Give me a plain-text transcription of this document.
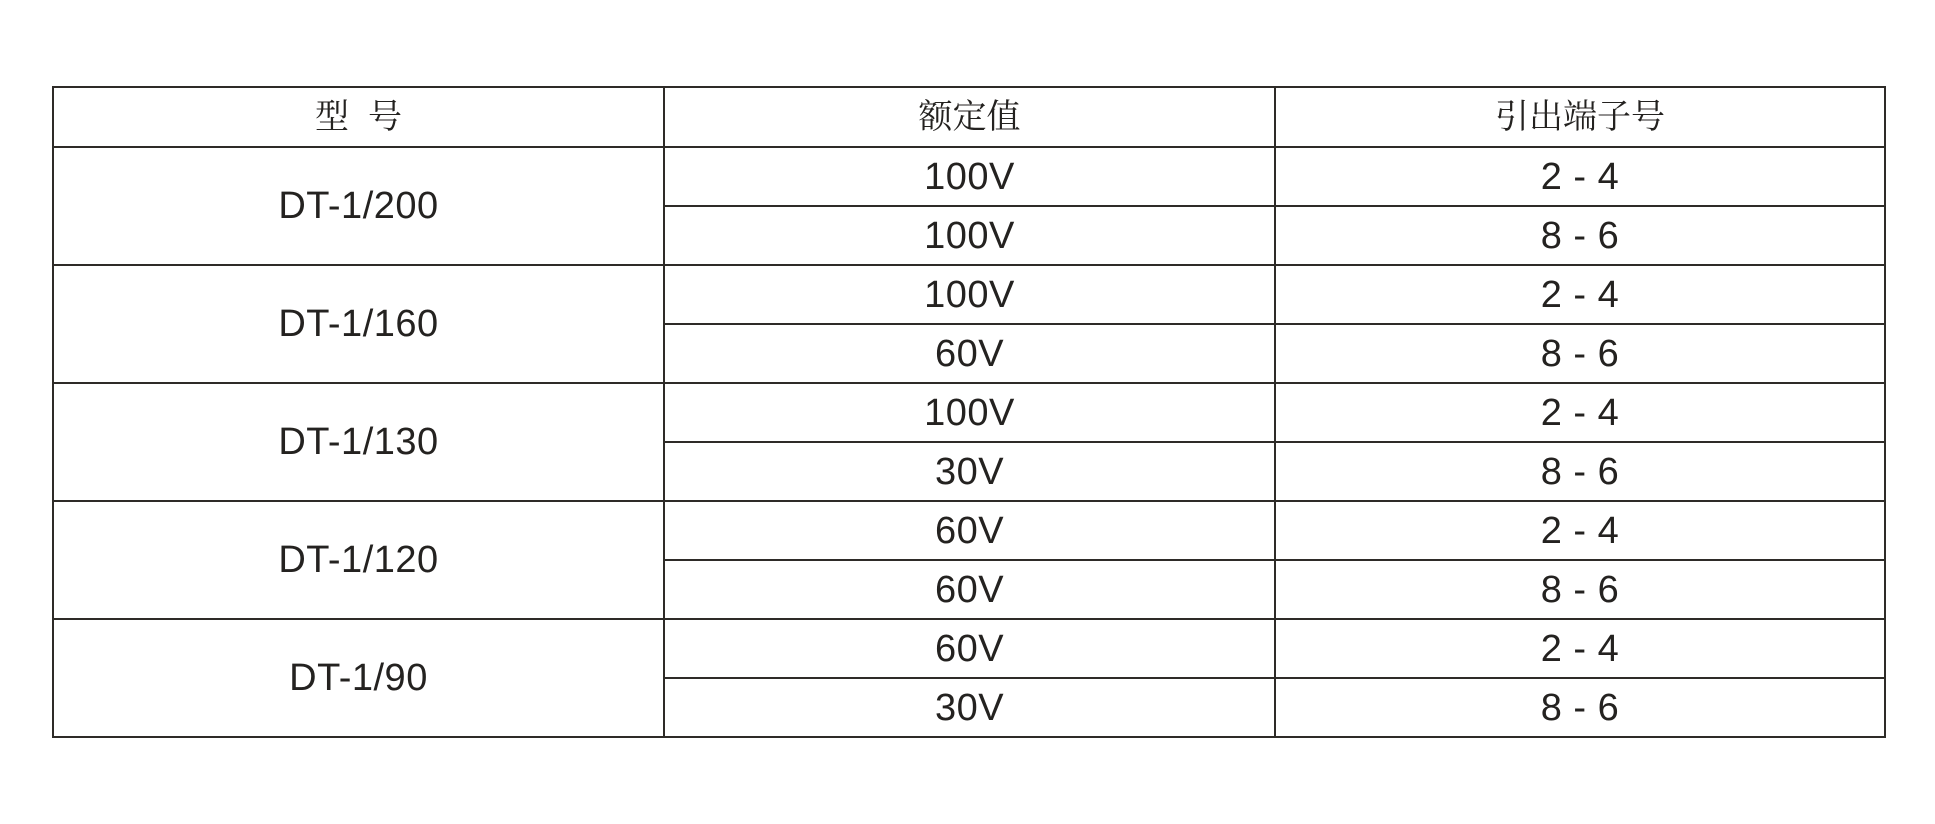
型  号	额定值	引出端子号
DT-1/200	100V	2 - 4
	100V	8 - 6
DT-1/160	100V	2 - 4
	60V	8 - 6
DT-1/130	100V	2 - 4
	30V	8 - 6
DT-1/120	60V	2 - 4
	60V	8 - 6
DT-1/90	60V	2 - 4
	30V	8 - 6
